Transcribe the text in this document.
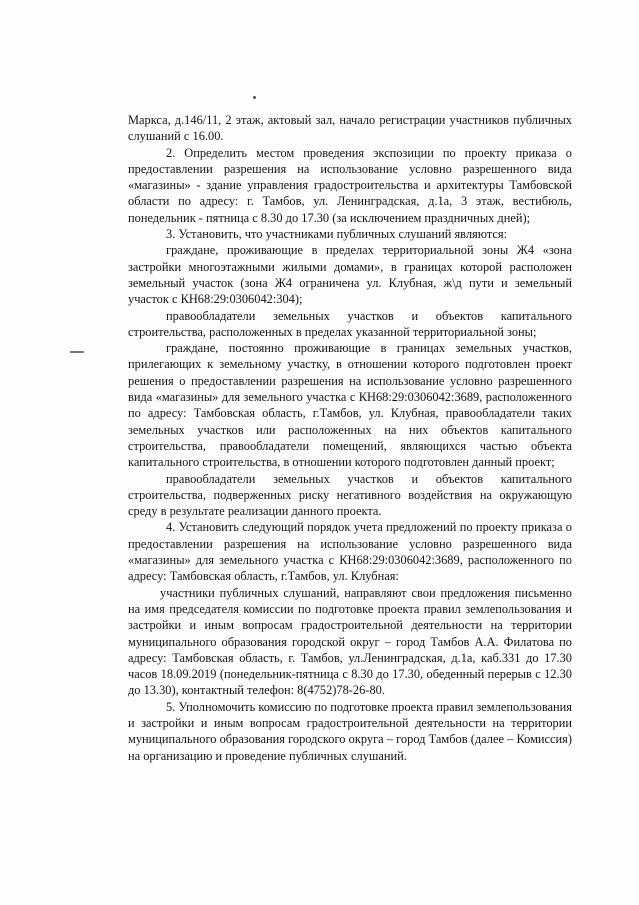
Маркса, д.146/11, 2 этаж, актовый зал, начало регистрации участников публичных слушаний с 16.00.

2. Определить местом проведения экспозиции по проекту приказа о предоставлении разрешения на использование условно разрешенного вида «магазины» - здание управления градостроительства и архитектуры Тамбовской области по адресу: г. Тамбов, ул. Ленинградская, д.1а, 3 этаж, вестибюль, понедельник - пятница с 8.30 до 17.30 (за исключением праздничных дней);

3. Установить, что участниками публичных слушаний являются:

граждане, проживающие в пределах территориальной зоны Ж4 «зона застройки многоэтажными жилыми домами», в границах которой расположен земельный участок (зона Ж4 ограничена ул. Клубная, ж\д пути и земельный участок с КН68:29:0306042:304);

правообладатели земельных участков и объектов капитального строительства, расположенных в пределах указанной территориальной зоны;

граждане, постоянно проживающие в границах земельных участков, прилегающих к земельному участку, в отношении которого подготовлен проект решения о предоставлении разрешения на использование условно разрешенного вида «магазины» для земельного участка с КН68:29:0306042:3689, расположенного по адресу: Тамбовская область, г.Тамбов, ул. Клубная, правообладатели таких земельных участков или расположенных на них объектов капитального строительства, правообладатели помещений, являющихся частью объекта капитального строительства, в отношении которого подготовлен данный проект;

правообладатели земельных участков и объектов капитального строительства, подверженных риску негативного воздействия на окружающую среду в результате реализации данного проекта.

4. Установить следующий порядок учета предложений по проекту приказа о предоставлении разрешения на использование условно разрешенного вида «магазины» для земельного участка с КН68:29:0306042:3689, расположенного по адресу: Тамбовская область, г.Тамбов, ул. Клубная:

участники публичных слушаний, направляют свои предложения письменно на имя председателя комиссии по подготовке проекта правил землепользования и застройки и иным вопросам градостроительной деятельности на территории муниципального образования городской округ – город Тамбов А.А. Филатова по адресу: Тамбовская область, г. Тамбов, ул.Ленинградская, д.1а, каб.331 до 17.30 часов 18.09.2019 (понедельник-пятница с 8.30 до 17.30, обеденный перерыв с 12.30 до 13.30), контактный телефон: 8(4752)78-26-80.

5. Уполномочить комиссию по подготовке проекта правил землепользования и застройки и иным вопросам градостроительной деятельности на территории муниципального образования городского округа – город Тамбов (далее – Комиссия) на организацию и проведение публичных слушаний.
